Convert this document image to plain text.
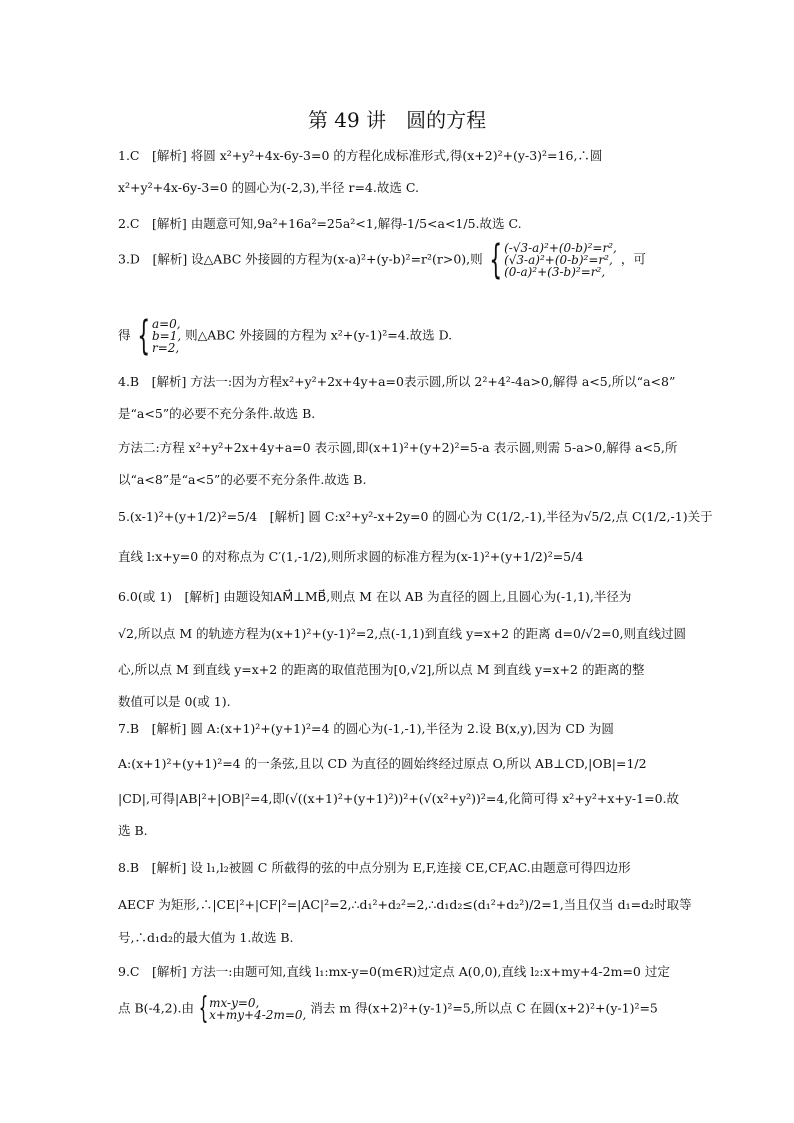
第 49 讲　圆的方程
1.C　[解析] 将圆 x²+y²+4x-6y-3=0 的方程化成标准形式,得(x+2)²+(y-3)²=16,∴圆
x²+y²+4x-6y-3=0 的圆心为(-2,3),半径 r=4.故选 C.
2.C　[解析] 由题意可知,9a²+16a²=25a²<1,解得-1/5<a<1/5.故选 C.
3.D　[解析] 设△ABC 外接圆的方程为(x-a)²+(y-b)²=r²(r>0),则 { (-√3-a)²+(0-b)²=r²,
(√3-a)²+(0-b)²=r²,
(0-a)²+(3-b)²=r²,
，可
得 { a=0,
b=1,
r=2,
则△ABC 外接圆的方程为 x²+(y-1)²=4.故选 D.
4.B　[解析] 方法一:因为方程x²+y²+2x+4y+a=0表示圆,所以 2²+4²-4a>0,解得 a<5,所以“a<8”
是“a<5”的必要不充分条件.故选 B.
方法二:方程 x²+y²+2x+4y+a=0 表示圆,即(x+1)²+(y+2)²=5-a 表示圆,则需 5-a>0,解得 a<5,所
以“a<8”是“a<5”的必要不充分条件.故选 B.
5.(x-1)²+(y+1/2)²=5/4　[解析] 圆 C:x²+y²-x+2y=0 的圆心为 C(1/2,-1),半径为√5/2,点 C(1/2,-1)关于
直线 l:x+y=0 的对称点为 C′(1,-1/2),则所求圆的标准方程为(x-1)²+(y+1/2)²=5/4
6.0(或 1)　[解析] 由题设知AM⃗⊥MB⃗,则点 M 在以 AB 为直径的圆上,且圆心为(-1,1),半径为
√2,所以点 M 的轨迹方程为(x+1)²+(y-1)²=2,点(-1,1)到直线 y=x+2 的距离 d=0/√2=0,则直线过圆
心,所以点 M 到直线 y=x+2 的距离的取值范围为[0,√2],所以点 M 到直线 y=x+2 的距离的整
数值可以是 0(或 1).
7.B　[解析] 圆 A:(x+1)²+(y+1)²=4 的圆心为(-1,-1),半径为 2.设 B(x,y),因为 CD 为圆
A:(x+1)²+(y+1)²=4 的一条弦,且以 CD 为直径的圆始终经过原点 O,所以 AB⊥CD,|OB|=1/2
|CD|,可得|AB|²+|OB|²=4,即(√((x+1)²+(y+1)²))²+(√(x²+y²))²=4,化简可得 x²+y²+x+y-1=0.故
选 B.
8.B　[解析] 设 l₁,l₂被圆 C 所截得的弦的中点分别为 E,F,连接 CE,CF,AC.由题意可得四边形
AECF 为矩形,∴|CE|²+|CF|²=|AC|²=2,∴d₁²+d₂²=2,∴d₁d₂≤(d₁²+d₂²)/2=1,当且仅当 d₁=d₂时取等
号,∴d₁d₂的最大值为 1.故选 B.
9.C　[解析] 方法一:由题可知,直线 l₁:mx-y=0(m∈R)过定点 A(0,0),直线 l₂:x+my+4-2m=0 过定
点 B(-4,2).由 { mx-y=0,
x+my+4-2m=0, 消去 m 得(x+2)²+(y-1)²=5,所以点 C 在圆(x+2)²+(y-1)²=5
